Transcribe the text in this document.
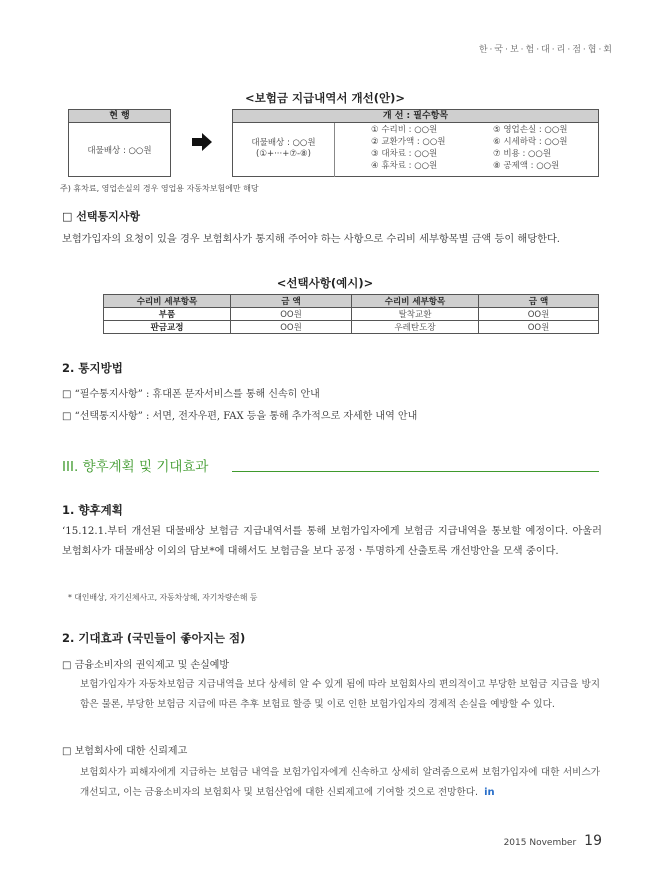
한·국·보·험·대·리·점·협·회
<보험금 지급내역서 개선(안)>
현 행
대물배상 : ○○원
개 선 : 필수항목
대물배상 : ○○원
(①+···+⑦-⑧)
① 수리비 : ○○원
② 교환가액 : ○○원
③ 대차료 : ○○원
④ 휴차료 : ○○원
⑤ 영업손실 : ○○원
⑥ 시세하락 : ○○원
⑦ 비용 : ○○원
⑧ 공제액 : ○○원
주) 휴차료, 영업손실의 경우 영업용 자동차보험에만 해당
□ 선택통지사항
보험가입자의 요청이 있을 경우 보험회사가 통지해 주어야 하는 사항으로 수리비 세부항목별 금액 등이 해당한다.
<선택사항(예시)>
수리비 세부항목	금 액	수리비 세부항목	금 액
부품	OO원	탈착교환	OO원
판금교정	OO원	우레탄도장	OO원
2. 통지방법
□ “필수통지사항” : 휴대폰 문자서비스를 통해 신속히 안내
□ “선택통지사항” : 서면, 전자우편, FAX 등을 통해 추가적으로 자세한 내역 안내
III. 향후계획 및 기대효과
1. 향후계획
‘15.12.1.부터 개선된 대물배상 보험금 지급내역서를 통해 보험가입자에게 보험금 지급내역을 통보할 예정이다. 아울러 보험회사가 대물배상 이외의 담보*에 대해서도 보험금을 보다 공정ㆍ투명하게 산출토록 개선방안을 모색 중이다.
* 대인배상, 자기신체사고, 자동차상해, 자기차량손해 등
2. 기대효과 (국민들이 좋아지는 점)
□ 금융소비자의 권익제고 및 손실예방
보험가입자가 자동차보험금 지급내역을 보다 상세히 알 수 있게 됨에 따라 보험회사의 편의적이고 부당한 보험금 지급을 방지함은 물론, 부당한 보험금 지급에 따른 추후 보험료 할증 및 이로 인한 보험가입자의 경제적 손실을 예방할 수 있다.
□ 보험회사에 대한 신뢰제고
보험회사가 피해자에게 지급하는 보험금 내역을 보험가입자에게 신속하고 상세히 알려줌으로써 보험가입자에 대한 서비스가 개선되고, 이는 금융소비자의 보험회사 및 보험산업에 대한 신뢰제고에 기여할 것으로 전망한다. in
2015 November 19
